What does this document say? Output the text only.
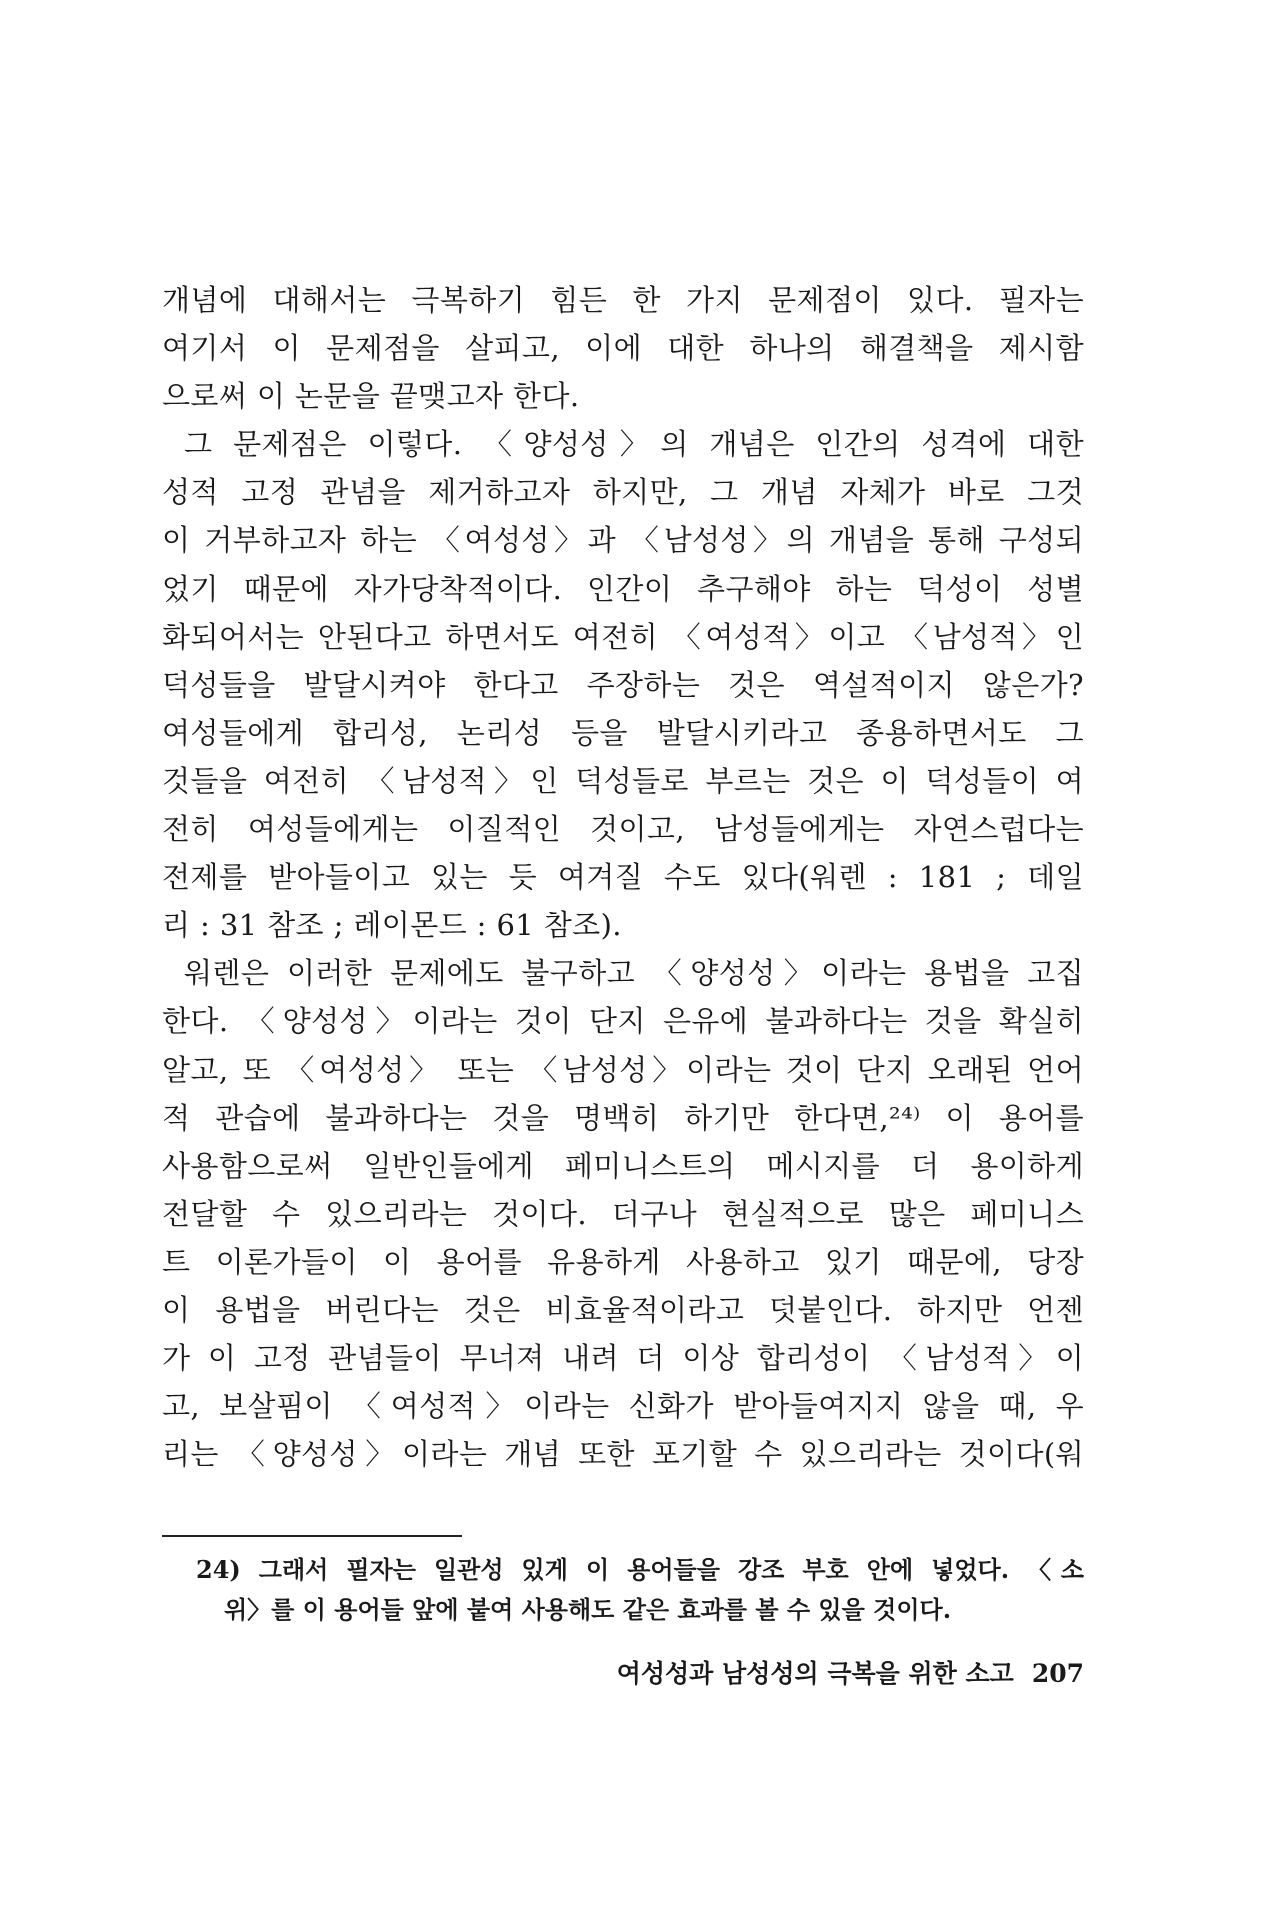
개념에 대해서는 극복하기 힘든 한 가지 문제점이 있다. 필자는
여기서 이 문제점을 살피고, 이에 대한 하나의 해결책을 제시함
으로써 이 논문을 끝맺고자 한다.
그 문제점은 이렇다. 〈양성성〉의 개념은 인간의 성격에 대한
성적 고정 관념을 제거하고자 하지만, 그 개념 자체가 바로 그것
이 거부하고자 하는 〈여성성〉과 〈남성성〉의 개념을 통해 구성되
었기 때문에 자가당착적이다. 인간이 추구해야 하는 덕성이 성별
화되어서는 안된다고 하면서도 여전히 〈여성적〉이고 〈남성적〉인
덕성들을 발달시켜야 한다고 주장하는 것은 역설적이지 않은가?
여성들에게 합리성, 논리성 등을 발달시키라고 종용하면서도 그
것들을 여전히 〈남성적〉인 덕성들로 부르는 것은 이 덕성들이 여
전히 여성들에게는 이질적인 것이고, 남성들에게는 자연스럽다는
전제를 받아들이고 있는 듯 여겨질 수도 있다(워렌 : 181 ; 데일
리 : 31 참조 ; 레이몬드 : 61 참조).
워렌은 이러한 문제에도 불구하고 〈양성성〉이라는 용법을 고집
한다. 〈양성성〉이라는 것이 단지 은유에 불과하다는 것을 확실히
알고, 또 〈여성성〉 또는 〈남성성〉이라는 것이 단지 오래된 언어
적 관습에 불과하다는 것을 명백히 하기만 한다면,²⁴⁾ 이 용어를
사용함으로써 일반인들에게 페미니스트의 메시지를 더 용이하게
전달할 수 있으리라는 것이다. 더구나 현실적으로 많은 페미니스
트 이론가들이 이 용어를 유용하게 사용하고 있기 때문에, 당장
이 용법을 버린다는 것은 비효율적이라고 덧붙인다. 하지만 언젠
가 이 고정 관념들이 무너져 내려 더 이상 합리성이 〈남성적〉이
고, 보살핌이 〈여성적〉이라는 신화가 받아들여지지 않을 때, 우
리는 〈양성성〉이라는 개념 또한 포기할 수 있으리라는 것이다(워
24) 그래서 필자는 일관성 있게 이 용어들을 강조 부호 안에 넣었다. 〈소
위〉를 이 용어들 앞에 붙여 사용해도 같은 효과를 볼 수 있을 것이다.
여성성과 남성성의 극복을 위한 소고 207
